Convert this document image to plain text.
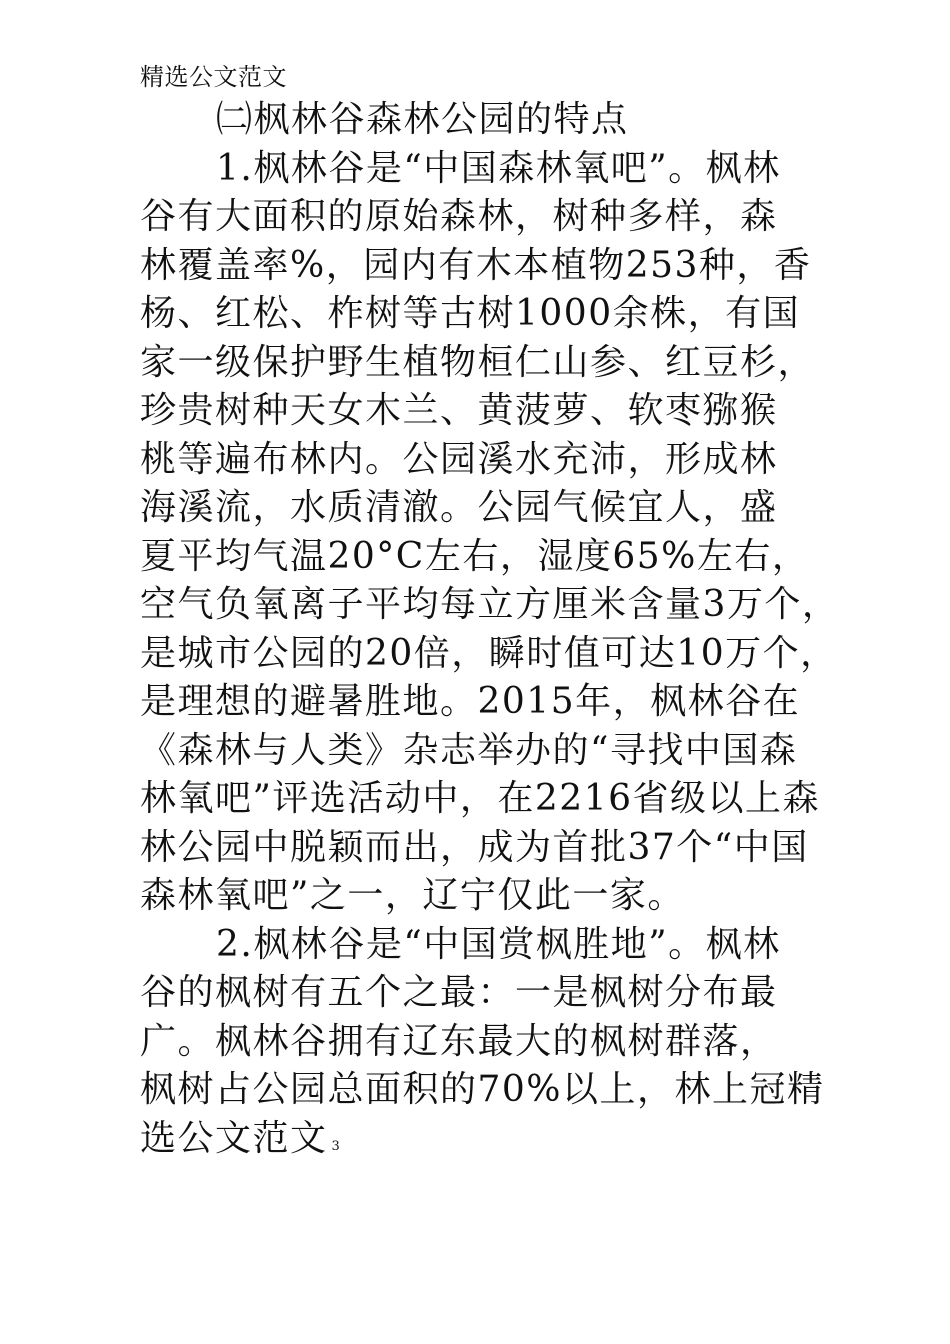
精选公文范文
㈡枫林谷森林公园的特点
1.枫林谷是“中国森林氧吧”。枫林
谷有大面积的原始森林，树种多样，森
林覆盖率%，园内有木本植物253种，香
杨、红松、柞树等古树1000余株，有国
家一级保护野生植物桓仁山参、红豆杉，
珍贵树种天女木兰、黄菠萝、软枣猕猴
桃等遍布林内。公园溪水充沛，形成林
海溪流，水质清澈。公园气候宜人，盛
夏平均气温20°C左右，湿度65%左右，
空气负氧离子平均每立方厘米含量3万个，
是城市公园的20倍，瞬时值可达10万个，
是理想的避暑胜地。2015年，枫林谷在
《森林与人类》杂志举办的“寻找中国森
林氧吧”评选活动中，在2216省级以上森
林公园中脱颖而出，成为首批37个“中国
森林氧吧”之一，辽宁仅此一家。
2.枫林谷是“中国赏枫胜地”。枫林
谷的枫树有五个之最：一是枫树分布最
广。枫林谷拥有辽东最大的枫树群落，
枫树占公园总面积的70%以上，林上冠精
选公文范文 3
